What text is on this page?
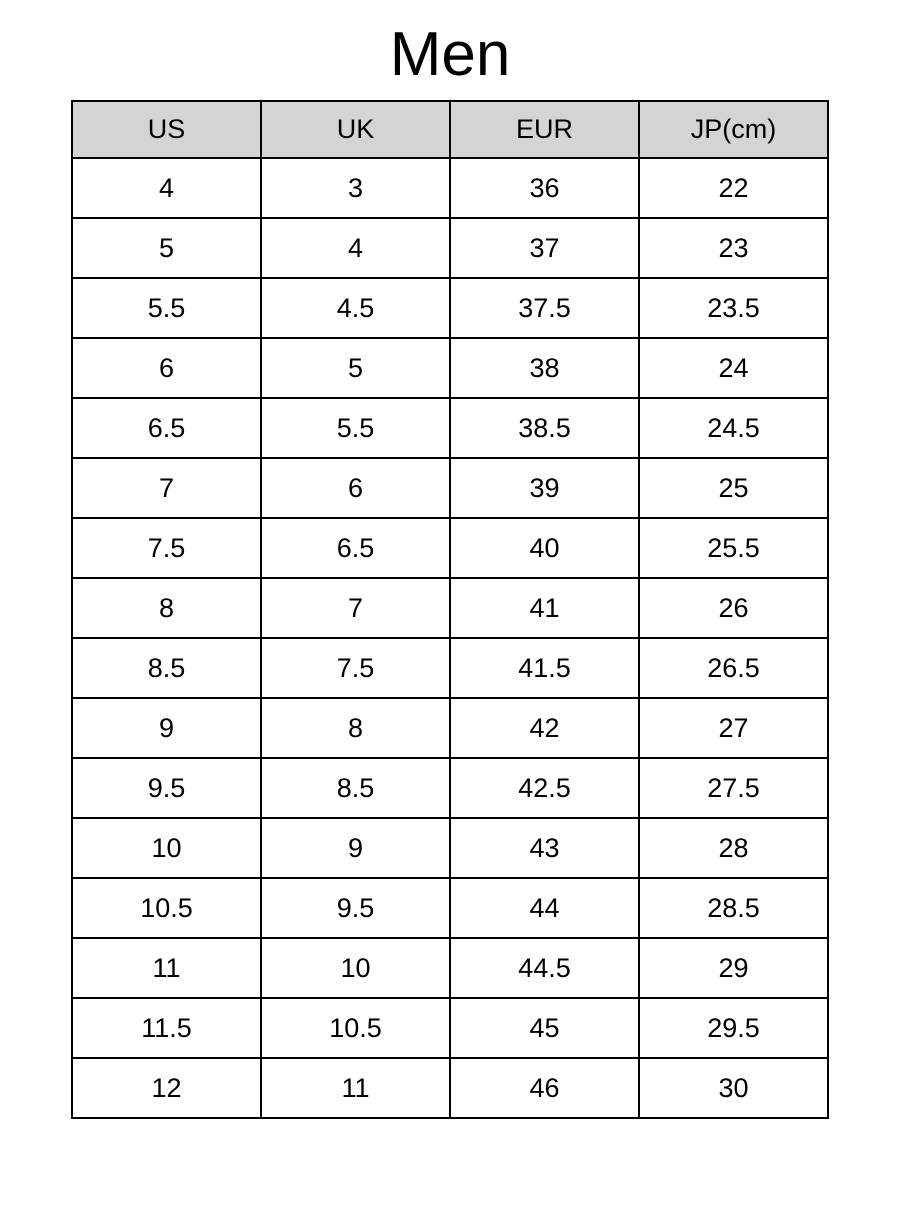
Men
US	UK	EUR	JP(cm)
4	3	36	22
5	4	37	23
5.5	4.5	37.5	23.5
6	5	38	24
6.5	5.5	38.5	24.5
7	6	39	25
7.5	6.5	40	25.5
8	7	41	26
8.5	7.5	41.5	26.5
9	8	42	27
9.5	8.5	42.5	27.5
10	9	43	28
10.5	9.5	44	28.5
11	10	44.5	29
11.5	10.5	45	29.5
12	11	46	30
